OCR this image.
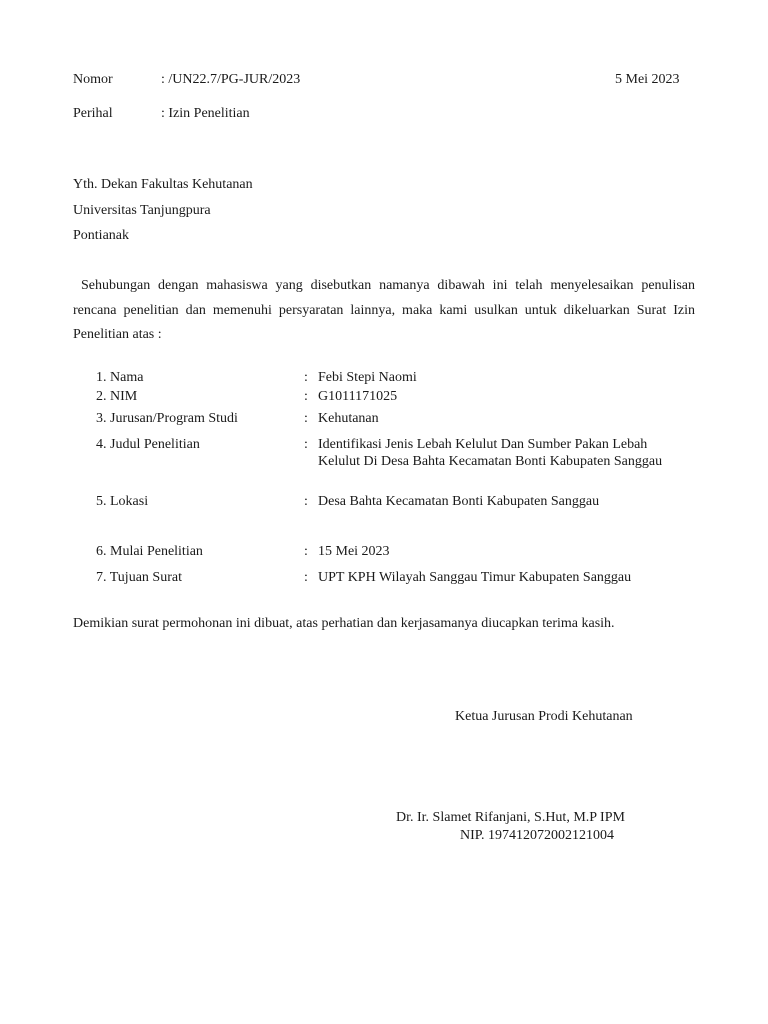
Nomor	: /UN22.7/PG-JUR/2023	5 Mei 2023
Perihal	: Izin Penelitian
Yth. Dekan Fakultas Kehutanan
Universitas Tanjungpura
Pontianak
Sehubungan dengan mahasiswa yang disebutkan namanya dibawah ini telah menyelesaikan penulisan rencana penelitian dan memenuhi persyaratan lainnya, maka kami usulkan untuk dikeluarkan Surat Izin Penelitian atas :
1. Nama	: Febi Stepi Naomi
2. NIM	: G1011171025
3. Jurusan/Program Studi	: Kehutanan
4. Judul Penelitian	: Identifikasi Jenis Lebah Kelulut Dan Sumber Pakan Lebah Kelulut Di Desa Bahta Kecamatan Bonti Kabupaten Sanggau
5. Lokasi	: Desa Bahta Kecamatan Bonti Kabupaten Sanggau
6. Mulai Penelitian	: 15 Mei 2023
7. Tujuan Surat	: UPT KPH Wilayah Sanggau Timur Kabupaten Sanggau
Demikian surat permohonan ini dibuat, atas perhatian dan kerjasamanya diucapkan terima kasih.
Ketua Jurusan Prodi Kehutanan
Dr. Ir. Slamet Rifanjani, S.Hut, M.P IPM
NIP. 197412072002121004
